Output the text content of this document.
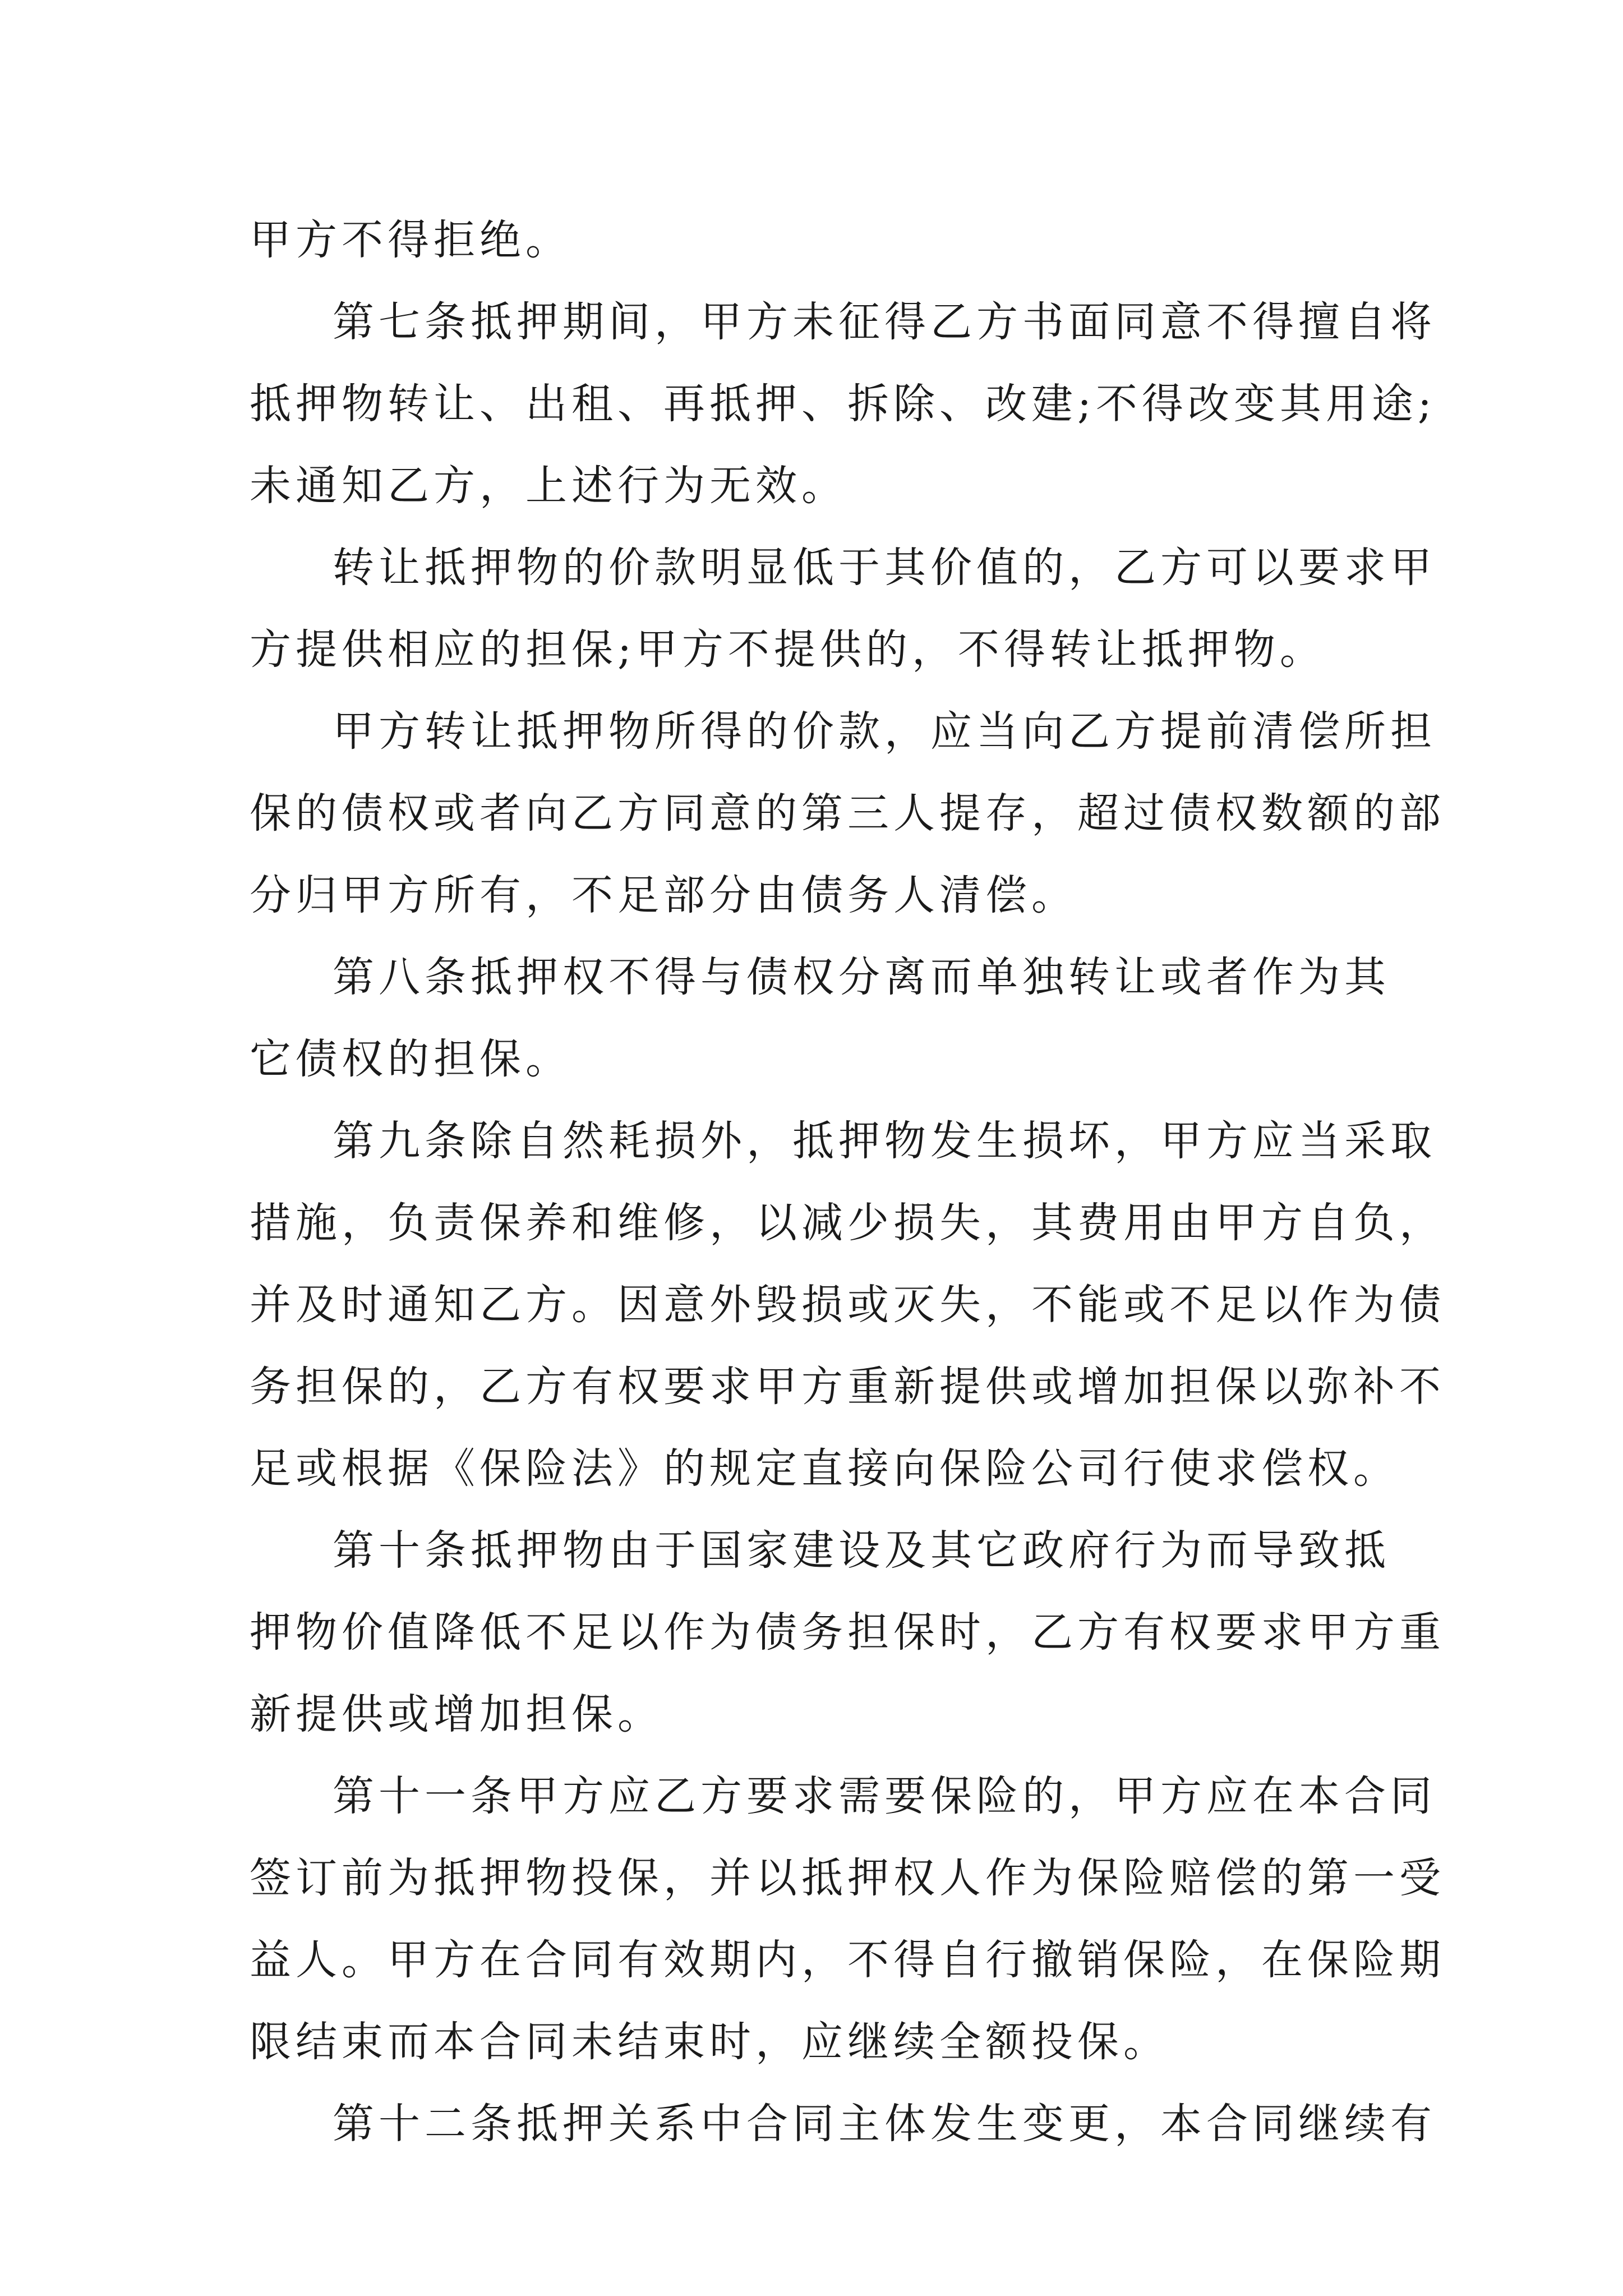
甲方不得拒绝。
第七条抵押期间，甲方未征得乙方书面同意不得擅自将
抵押物转让、出租、再抵押、拆除、改建;不得改变其用途;
未通知乙方，上述行为无效。
转让抵押物的价款明显低于其价值的，乙方可以要求甲
方提供相应的担保;甲方不提供的，不得转让抵押物。
甲方转让抵押物所得的价款，应当向乙方提前清偿所担
保的债权或者向乙方同意的第三人提存，超过债权数额的部
分归甲方所有，不足部分由债务人清偿。
第八条抵押权不得与债权分离而单独转让或者作为其
它债权的担保。
第九条除自然耗损外，抵押物发生损坏，甲方应当采取
措施，负责保养和维修，以减少损失，其费用由甲方自负，
并及时通知乙方。因意外毁损或灭失，不能或不足以作为债
务担保的，乙方有权要求甲方重新提供或增加担保以弥补不
足或根据《保险法》的规定直接向保险公司行使求偿权。
第十条抵押物由于国家建设及其它政府行为而导致抵
押物价值降低不足以作为债务担保时，乙方有权要求甲方重
新提供或增加担保。
第十一条甲方应乙方要求需要保险的，甲方应在本合同
签订前为抵押物投保，并以抵押权人作为保险赔偿的第一受
益人。甲方在合同有效期内，不得自行撤销保险，在保险期
限结束而本合同未结束时，应继续全额投保。
第十二条抵押关系中合同主体发生变更，本合同继续有
